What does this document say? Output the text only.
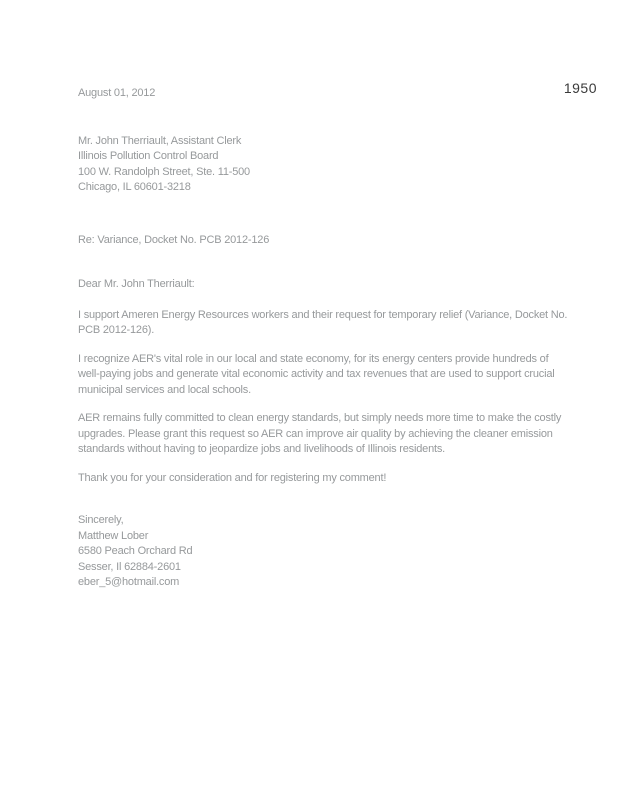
1950
August 01, 2012
Mr. John Therriault, Assistant Clerk
Illinois Pollution Control Board
100 W. Randolph Street, Ste. 11-500
Chicago, IL 60601-3218
Re: Variance, Docket No. PCB 2012-126
Dear Mr. John Therriault:

I support Ameren Energy Resources workers and their request for temporary relief (Variance, Docket No. PCB 2012-126).

I recognize AER's vital role in our local and state economy, for its energy centers provide hundreds of well-paying jobs and generate vital economic activity and tax revenues that are used to support crucial municipal services and local schools.

AER remains fully committed to clean energy standards, but simply needs more time to make the costly upgrades. Please grant this request so AER can improve air quality by achieving the cleaner emission standards without having to jeopardize jobs and livelihoods of Illinois residents.

Thank you for your consideration and for registering my comment!

Sincerely,
Matthew Lober
6580 Peach Orchard Rd
Sesser, Il 62884-2601
eber_5@hotmail.com
